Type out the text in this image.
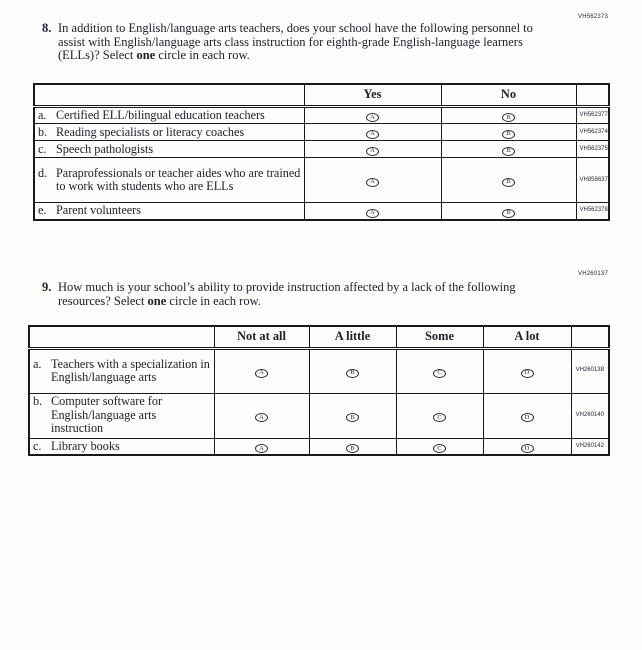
VH562373
8. In addition to English/language arts teachers, does your school have the following personnel to assist with English/language arts class instruction for eighth-grade English-language learners (ELLs)? Select one circle in each row.
	Yes	No	

a. Certified ELL/bilingual education teachers	A	B	VH562377

b. Reading specialists or literacy coaches	A	B	VH562374

c. Speech pathologists	A	B	VH562375

d. Paraprofessionals or teacher aides who are trained to work with students who are ELLs	A	B	VH858637

e. Parent volunteers	A	B	VH562378
VH260137
9. How much is your school’s ability to provide instruction affected by a lack of the following resources? Select one circle in each row.
	Not at all	A little	Some	A lot	

a. Teachers with a specialization in English/language arts	A	B	C	D	VH260138

b. Computer software for English/language arts instruction	A	B	C	D	VH260140

c. Library books	A	B	C	D	VH260142
